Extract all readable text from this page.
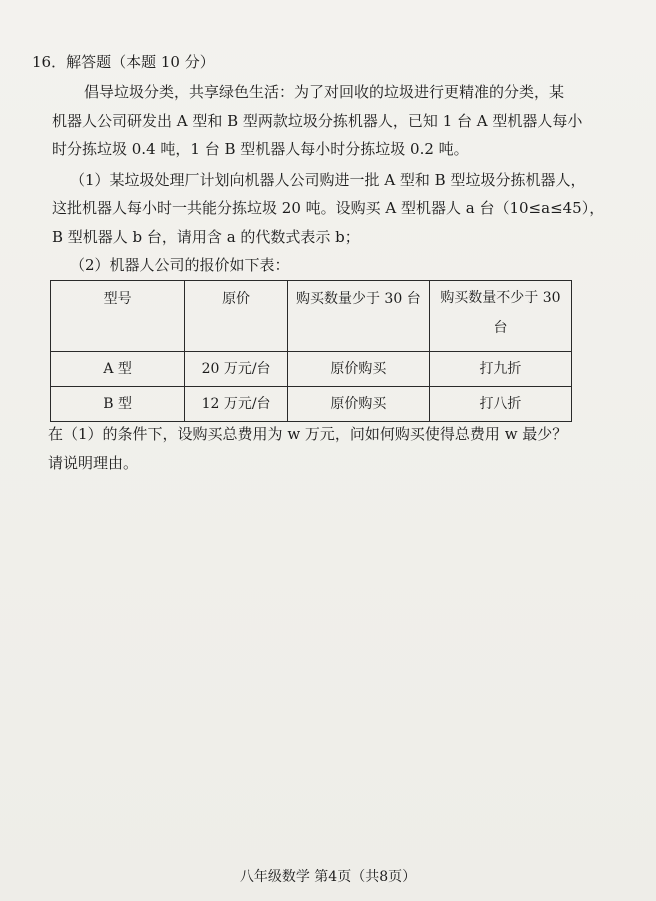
16．解答题（本题 10 分）
倡导垃圾分类，共享绿色生活：为了对回收的垃圾进行更精准的分类，某
机器人公司研发出 A 型和 B 型两款垃圾分拣机器人，已知 1 台 A 型机器人每小
时分拣垃圾 0.4 吨，1 台 B 型机器人每小时分拣垃圾 0.2 吨。
（1）某垃圾处理厂计划向机器人公司购进一批 A 型和 B 型垃圾分拣机器人，
这批机器人每小时一共能分拣垃圾 20 吨。设购买 A 型机器人 a 台（10≤a≤45），
B 型机器人 b 台，请用含 a 的代数式表示 b；
（2）机器人公司的报价如下表：
型号	原价	购买数量少于 30 台	购买数量不少于 30 台
A 型	20 万元/台	原价购买	打九折
B 型	12 万元/台	原价购买	打八折
在（1）的条件下，设购买总费用为 w 万元，问如何购买使得总费用 w 最少？
请说明理由。
八年级数学 第4页（共8页）
